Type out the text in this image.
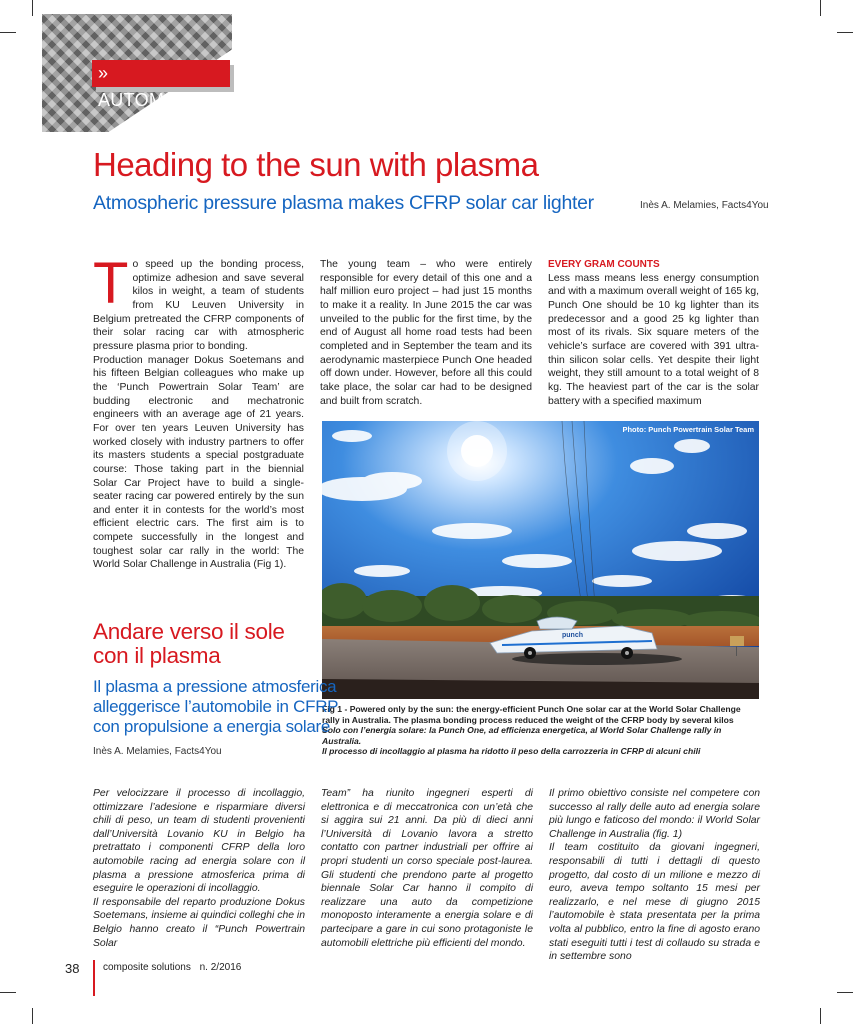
» AUTOMOTIVE
Heading to the sun with plasma
Atmospheric pressure plasma makes CFRP solar car lighter	Inès A. Melamies, Facts4You
T o speed up the bonding process, optimize adhesion and save several kilos in weight, a team of students from KU Leuven University in Belgium pretreated the CFRP components of their solar racing car with atmospheric pressure plasma prior to bonding.

Production manager Dokus Soetemans and his fifteen Belgian colleagues who make up the ‘Punch Powertrain Solar Team’ are budding electronic and mechatronic engineers with an average age of 21 years. For over ten years Leuven University has worked closely with industry partners to offer its masters students a special postgraduate course: Those taking part in the biennial Solar Car Project have to build a single-seater racing car powered entirely by the sun and enter it in contests for the world’s most efficient electric cars. The first aim is to compete successfully in the longest and toughest solar car rally in the world: The World Solar Challenge in Australia (Fig 1).

The young team – who were entirely responsible for every detail of this one and a half million euro project – had just 15 months to make it a reality. In June 2015 the car was unveiled to the public for the first time, by the end of August all home road tests had been completed and in September the team and its aerodynamic masterpiece Punch One headed off down under. However, before all this could take place, the solar car had to be designed and built from scratch.

EVERY GRAM COUNTS

Less mass means less energy consumption and with a maximum overall weight of 165 kg, Punch One should be 10 kg lighter than its predecessor and a good 25 kg lighter than most of its rivals. Six square meters of the vehicle’s surface are covered with 391 ultra-thin silicon solar cells. Yet despite their light weight, they still amount to a total weight of 8 kg. The heaviest part of the car is the solar battery with a specified maximum

punch
Photo: Punch Powertrain Solar Team
Fig 1 - Powered only by the sun: the energy-efficient Punch One solar car at the World Solar Challenge rally in Australia. The plasma bonding process reduced the weight of the CFRP body by several kilos
Solo con l’energia solare: la Punch One, ad efficienza energetica, al World Solar Challenge rally in Australia.
Il processo di incollaggio al plasma ha ridotto il peso della carrozzeria in CFRP di alcuni chili
Andare verso il sole
con il plasma
Il plasma a pressione atmosferica
alleggerisce l’automobile in CFRP
con propulsione a energia solare
Inès A. Melamies, Facts4You

Per velocizzare il processo di incollaggio, ottimizzare l’adesione e risparmiare diversi chili di peso, un team di studenti provenienti dall’Università Lovanio KU in Belgio ha pretrattato i componenti CFRP della loro automobile racing ad energia solare con il plasma a pressione atmosferica prima di eseguire le operazioni di incollaggio.

Il responsabile del reparto produzione Dokus Soetemans, insieme ai quindici colleghi che in Belgio hanno creato il “Punch Powertrain Solar

Team” ha riunito ingegneri esperti di elettronica e di meccatronica con un’età che si aggira sui 21 anni. Da più di dieci anni l’Università di Lovanio lavora a stretto contatto con partner industriali per offrire ai propri studenti un corso speciale post-laurea. Gli studenti che prendono parte al progetto biennale Solar Car hanno il compito di realizzare una auto da competizione monoposto interamente a energia solare e di partecipare a gare in cui sono protagoniste le automobili elettriche più efficienti del mondo.

Il primo obiettivo consiste nel competere con successo al rally delle auto ad energia solare più lungo e faticoso del mondo: il World Solar Challenge in Australia (fig. 1)

Il team costituito da giovani ingegneri, responsabili di tutti i dettagli di questo progetto, dal costo di un milione e mezzo di euro, aveva tempo soltanto 15 mesi per realizzarlo, e nel mese di giugno 2015 l’automobile è stata presentata per la prima volta al pubblico, entro la fine di agosto erano stati eseguiti tutti i test di collaudo su strada e in settembre sono

38 composite solutions n. 2/2016
